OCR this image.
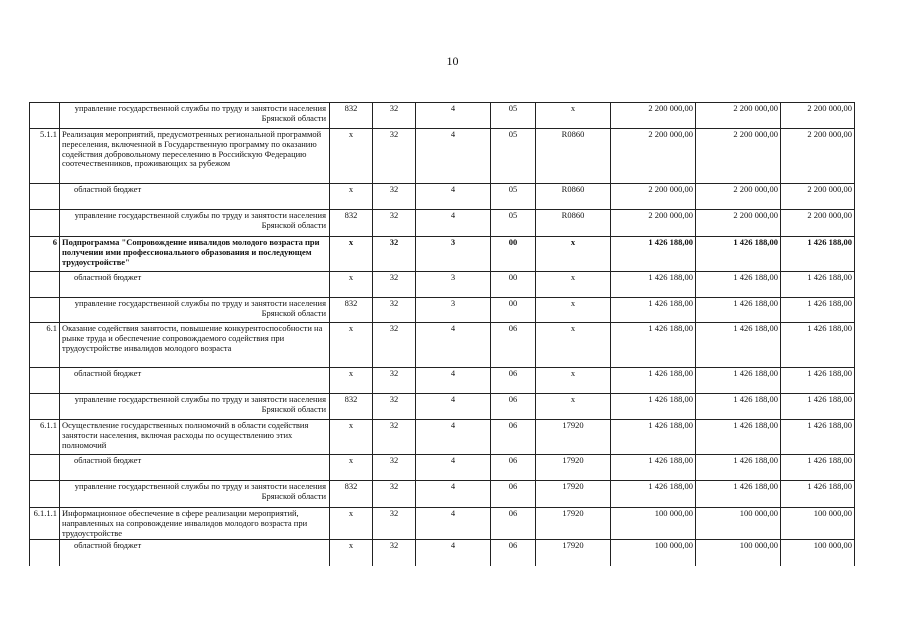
10
	управление государственной службы по труду и занятости населения Брянской области	832	32	4	05	х	2 200 000,00	2 200 000,00	2 200 000,00
5.1.1	Реализация мероприятий, предусмотренных региональной программой переселения, включенной в Государственную программу по оказанию содействия добровольному переселению в Российскую Федерацию соотечественников, проживающих за рубежом	х	32	4	05	R0860	2 200 000,00	2 200 000,00	2 200 000,00
	областной бюджет	х	32	4	05	R0860	2 200 000,00	2 200 000,00	2 200 000,00
	управление государственной службы по труду и занятости населения Брянской области	832	32	4	05	R0860	2 200 000,00	2 200 000,00	2 200 000,00
6	Подпрограмма "Сопровождение инвалидов молодого возраста при получении ими профессионального образования и последующем трудоустройстве"	х	32	3	00	х	1 426 188,00	1 426 188,00	1 426 188,00
	областной бюджет	х	32	3	00	х	1 426 188,00	1 426 188,00	1 426 188,00
	управление государственной службы по труду и занятости населения Брянской области	832	32	3	00	х	1 426 188,00	1 426 188,00	1 426 188,00
6.1	Оказание содействия занятости, повышение конкурентоспособности на рынке труда и обеспечение сопровождаемого содействия при трудоустройстве инвалидов молодого возраста	х	32	4	06	х	1 426 188,00	1 426 188,00	1 426 188,00
	областной бюджет	х	32	4	06	х	1 426 188,00	1 426 188,00	1 426 188,00
	управление государственной службы по труду и занятости населения Брянской области	832	32	4	06	х	1 426 188,00	1 426 188,00	1 426 188,00
6.1.1	Осуществление государственных полномочий в области содействия занятости населения, включая расходы по осуществлению этих полномочий	х	32	4	06	17920	1 426 188,00	1 426 188,00	1 426 188,00
	областной бюджет	х	32	4	06	17920	1 426 188,00	1 426 188,00	1 426 188,00
	управление государственной службы по труду и занятости населения Брянской области	832	32	4	06	17920	1 426 188,00	1 426 188,00	1 426 188,00
6.1.1.1	Информационное обеспечение в сфере реализации мероприятий, направленных на сопровождение инвалидов молодого возраста при трудоустройстве	х	32	4	06	17920	100 000,00	100 000,00	100 000,00
	областной бюджет	х	32	4	06	17920	100 000,00	100 000,00	100 000,00
